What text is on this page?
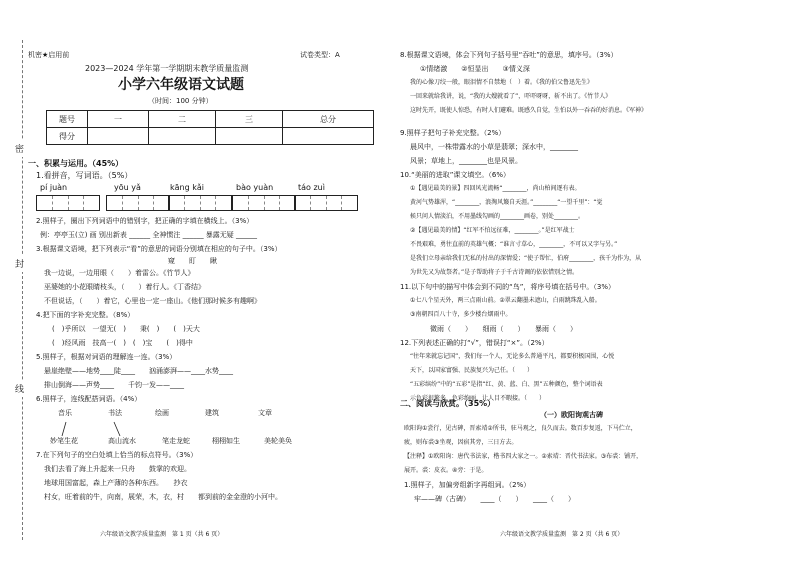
密
封
线
机密★启用前	试卷类型：A
2023—2024 学年第一学期期末教学质量监测
小学六年级语文试题
（时间：100 分钟）
题号	一	二	三	总分
得分				
一、积累与运用。（45%）
1.看拼音，写词语。（5%）
pí juàn	yōu yǎ	kāng kǎi	bào yuàn	táo zuì
2.照样子，圈出下列词语中的错别字，把正确的字填在横线上。（3%）
例：亭亭玉(立) 画 别出新表 ______ 全神惯注 ______ 暴露无疑 ______
3.根据课文语境，把下列表示“看”的意思的词语分别填在相应的句子中。（3%）
窥　　盯　　瞅
我一边说，一边用眼（　　）着雷公。《竹节人》
巫婆她的小花眼睛枝头，（　　）着行人。《丁香结》
不但说话，（　　）着它，心里也一定一座山。《他们那时候多有趣啊》
4.把下面的字补充完整。（8%）
(　)乎所以　一望无(　)　　秉(　)　　(　)天大
(　)经风雨　技高一(　)　(　)宝　　(　)得中
5.照样子，根据对词语的理解连一连。（3%）
悬崖绝壁——地势____陡____　　汹涌澎湃——____水势____
排山倒海——声势____　　千钧一发——____
6.照样子，连线配搭词语。（4%）
音乐	书法	绘画	建筑	文章
妙笔生花	高山流水	笔走龙蛇	栩栩如生	美轮美奂
7.在下列句子的空白处填上恰当的标点符号。（3%）
我们去看了海上升起来一只舟　　鼓掌的欢迎。
地球用国富起，森上产薄的各种东西。　　抄衣
村女，旺着前的牛，向南，展荣，木，衣，村　　都到前的金金澄的小河中。
六年级语文教学质量监测　第 1 页（共 6 页）
8.根据课文语境，体会下列句子括号里“吞吐”的意思，填序号。（3%）
①情绪激　　②恒显出　　③情义深
我的心像刀绞一般，眼泪情不自禁地（　）着。《我的伯父鲁迅先生》
一回来就给我讲，说，“我的大嫂就看了”，吓吓呀呀，斩不出了。《竹节人》
这时先开，既使人惊恐，有时人们避难。既感久自觉，生怕以外一吞吞的好消息。《军神》
9.照样子把句子补充完整。（2%）
晨风中，一株带露水的小草是翡翠；深水中，________
风景；草地上，________也是风景。
10.“美丽的进取”课文填空。（6%）
①【遇见最美的景】四回风光流畅“________，尚山柏间逐有表。
黄河气势雄浑，“________，浪淘风簸自天涯。”________“一望千里”：“觉
候只问人情淡泊，不用墨线勾画的________画卷，别处________。
②【遇见最美的情】“红军不怕远征难，________。”是红军战士
不畏艰难，勇往直前的英雄气概；“谁言寸草心，________，不可以又字与另。”
是我们立母亲给我们无私的付出的深情爱；“使子帮忙，伯府________，孩千为作为，从
为世先又为故祭者。”是子帮助将子于千古诗调的依依惜别之情。
11.以下句中的描写中体会到不同的“鸟”，将序号填在括号中。（3%）
①七八个星天外，两三点雨山前。②翠云翻墨未遮山，白雨跳珠乱入船。
③南朝四百八十寺，多少楼台烟雨中。
微雨（　　）　　细雨（　　）　　暴雨（　　）
12.下列表述正确的打“√”，错误打“×”。（2%）
“往年来就忘记国”，我们每一个人，无论多么普通平凡，都要积极国围，心悦
天下，以国家富强、民族复兴为己任。（　　）
“五彩缤纷”中的“五彩”是指“红、黄、蓝、白、黑”五种颜色，整个词语表
示色彩很繁多，色彩绚丽，让人目不暇接。（　　）
二、阅读与欣赏。（35%）
（一）欧阳询观古碑
欧阳询①尝行，见古碑，晋索靖②所书，驻马观之，良久而去。数百步复返，下马伫立，
疲，则布裘③坐观，因宿其旁，三日方去。
【注释】①欧阳询：唐代书法家，楷书四大家之一。②索靖：晋代书法家。③布裘：铺开，
展开。裘：皮衣。④旁：于是。
1.照样子，加偏旁组新字再组词。（2%）
牢——碑（古碑）　　____（　　）　　____（　　）
六年级语文教学质量监测　第 2 页（共 6 页）
